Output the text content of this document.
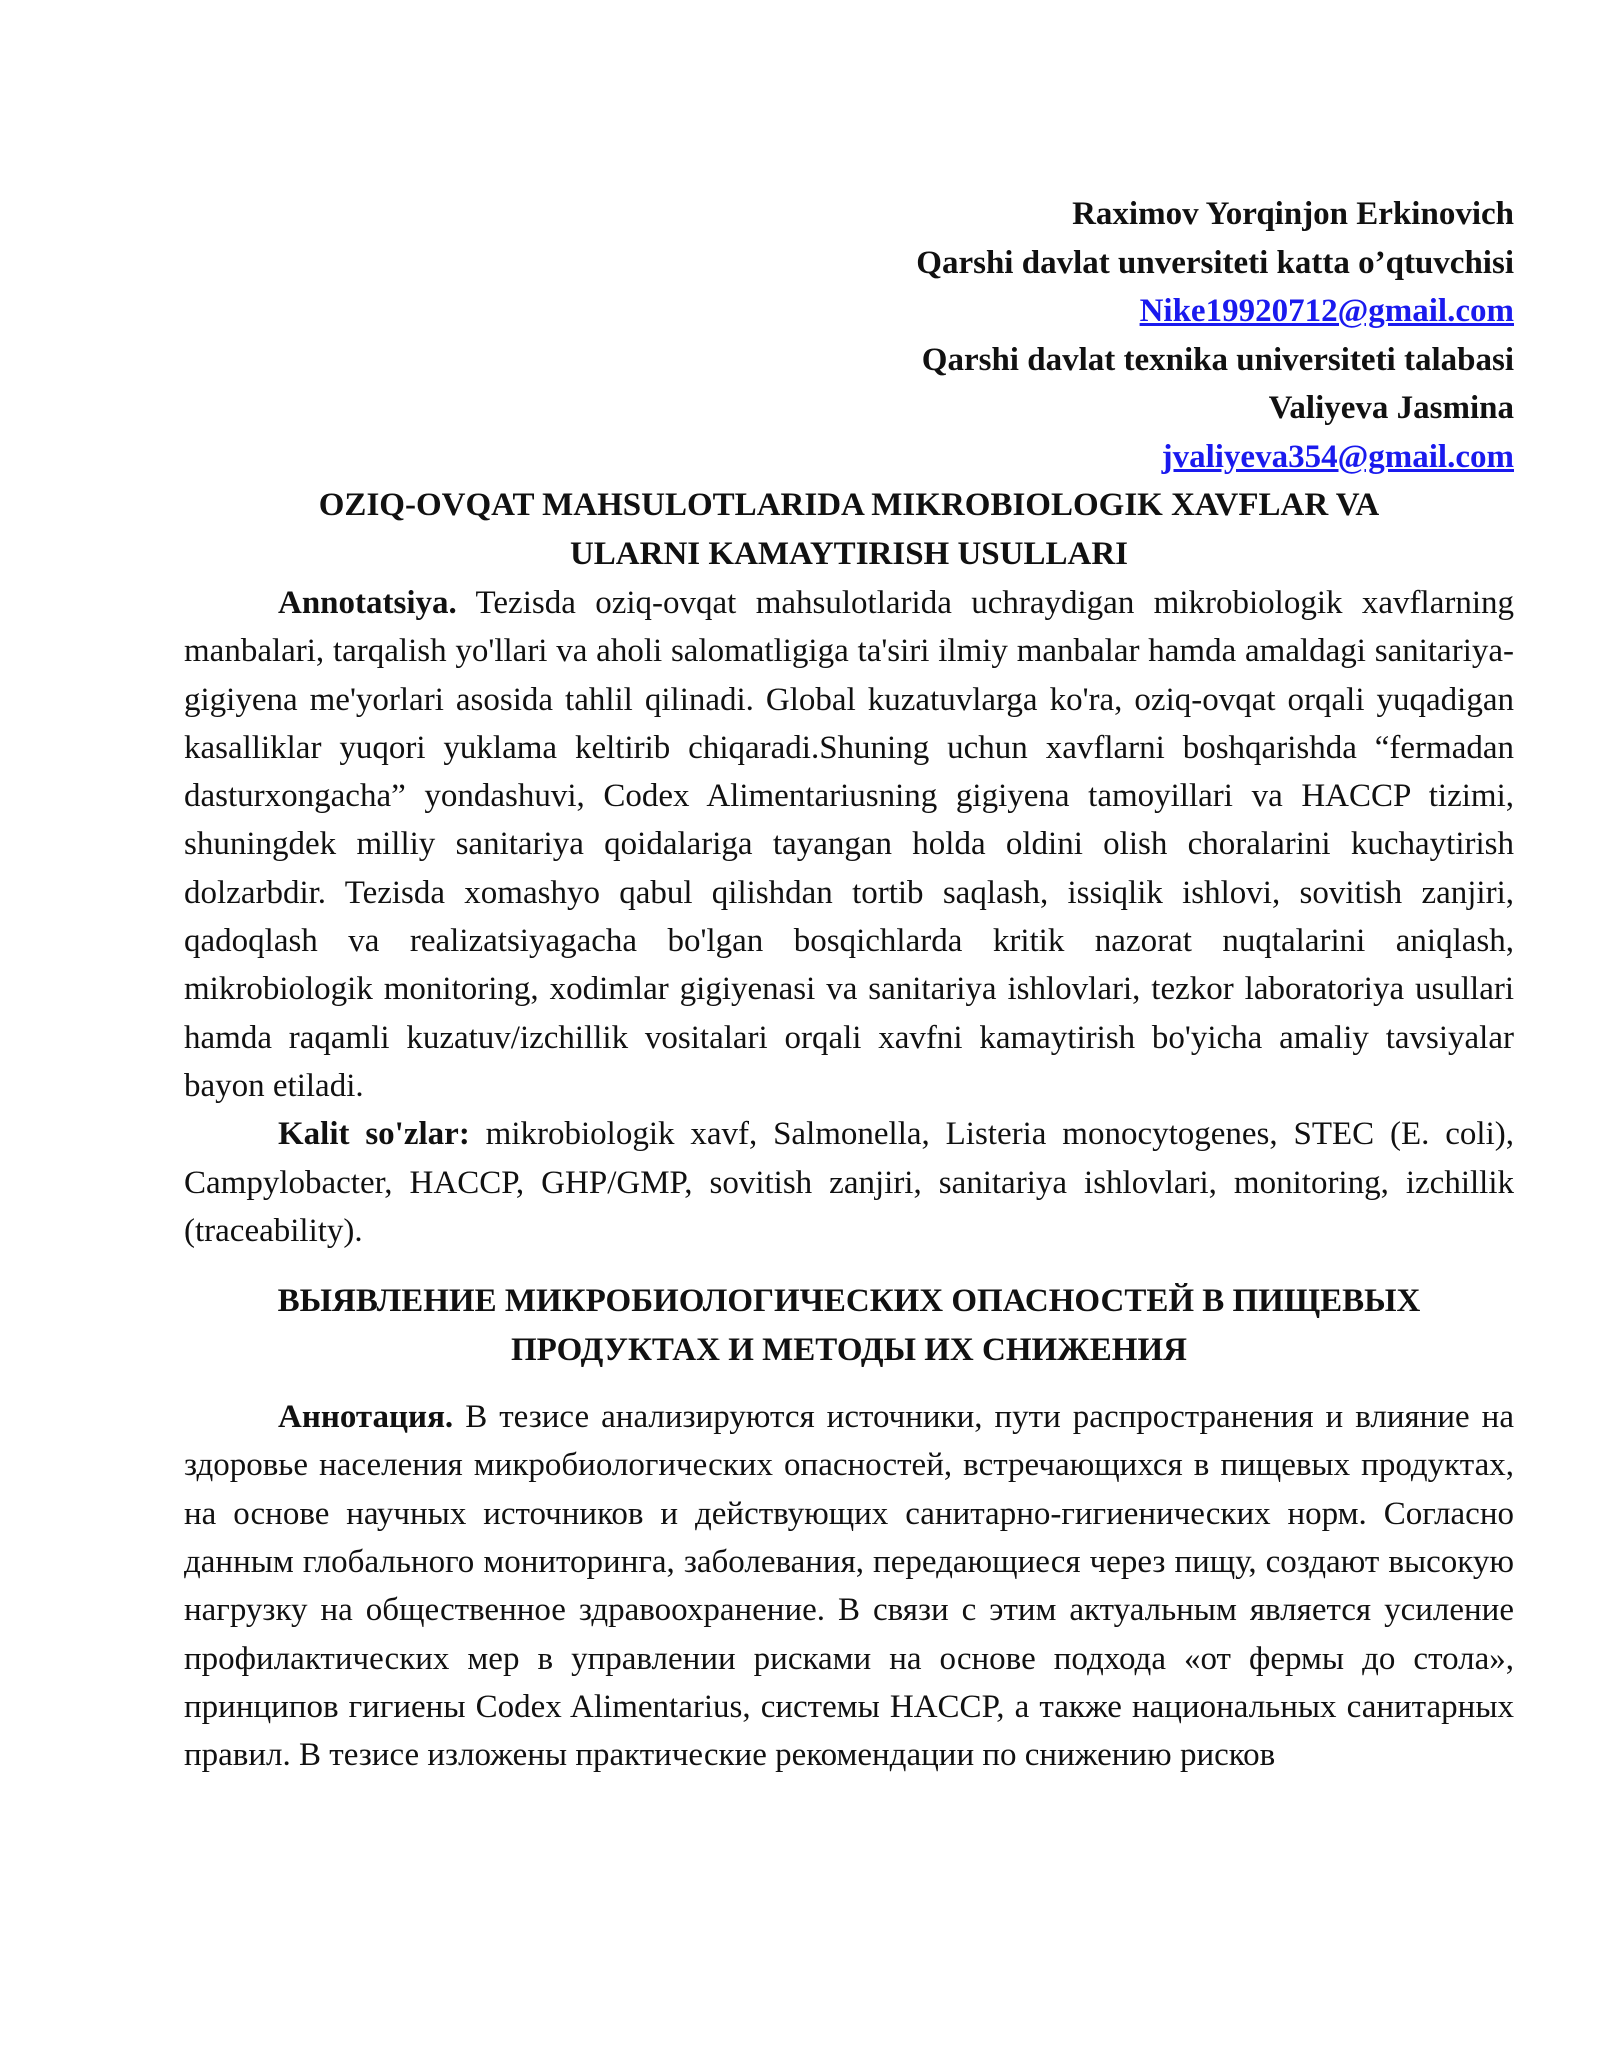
Raximov Yorqinjon Erkinovich
Qarshi davlat unversiteti katta o’qtuvchisi
Nike19920712@gmail.com
Qarshi davlat texnika universiteti talabasi
Valiyeva Jasmina
jvaliyeva354@gmail.com
OZIQ-OVQAT MAHSULOTLARIDA MIKROBIOLOGIK XAVFLAR VA
ULARNI KAMAYTIRISH USULLARI

Annotatsiya. Tezisda oziq-ovqat mahsulotlarida uchraydigan mikrobiologik xavflarning manbalari, tarqalish yo'llari va aholi salomatligiga ta'siri ilmiy manbalar hamda amaldagi sanitariya-gigiyena me'yorlari asosida tahlil qilinadi. Global kuzatuvlarga ko'ra, oziq-ovqat orqali yuqadigan kasalliklar yuqori yuklama keltirib chiqaradi.Shuning uchun xavflarni boshqarishda “fermadan dasturxongacha” yondashuvi, Codex Alimentariusning gigiyena tamoyillari va HACCP tizimi, shuningdek milliy sanitariya qoidalariga tayangan holda oldini olish choralarini kuchaytirish dolzarbdir. Tezisda xomashyo qabul qilishdan tortib saqlash, issiqlik ishlovi, sovitish zanjiri, qadoqlash va realizatsiyagacha bo'lgan bosqichlarda kritik nazorat nuqtalarini aniqlash, mikrobiologik monitoring, xodimlar gigiyenasi va sanitariya ishlovlari, tezkor laboratoriya usullari hamda raqamli kuzatuv/izchillik vositalari orqali xavfni kamaytirish bo'yicha amaliy tavsiyalar bayon etiladi.

Kalit so'zlar: mikrobiologik xavf, Salmonella, Listeria monocytogenes, STEC (E. coli), Campylobacter, HACCP, GHP/GMP, sovitish zanjiri, sanitariya ishlovlari, monitoring, izchillik (traceability).

ВЫЯВЛЕНИЕ МИКРОБИОЛОГИЧЕСКИХ ОПАСНОСТЕЙ В ПИЩЕВЫХ
ПРОДУКТАХ И МЕТОДЫ ИХ СНИЖЕНИЯ

Аннотация. В тезисе анализируются источники, пути распространения и влияние на здоровье населения микробиологических опасностей, встречающихся в пищевых продуктах, на основе научных источников и действующих санитарно-гигиенических норм. Согласно данным глобального мониторинга, заболевания, передающиеся через пищу, создают высокую нагрузку на общественное здравоохранение. В связи с этим актуальным является усиление профилактических мер в управлении рисками на основе подхода «от фермы до стола», принципов гигиены Codex Alimentarius, системы HACCP, а также национальных санитарных правил. В тезисе изложены практические рекомендации по снижению рисков
